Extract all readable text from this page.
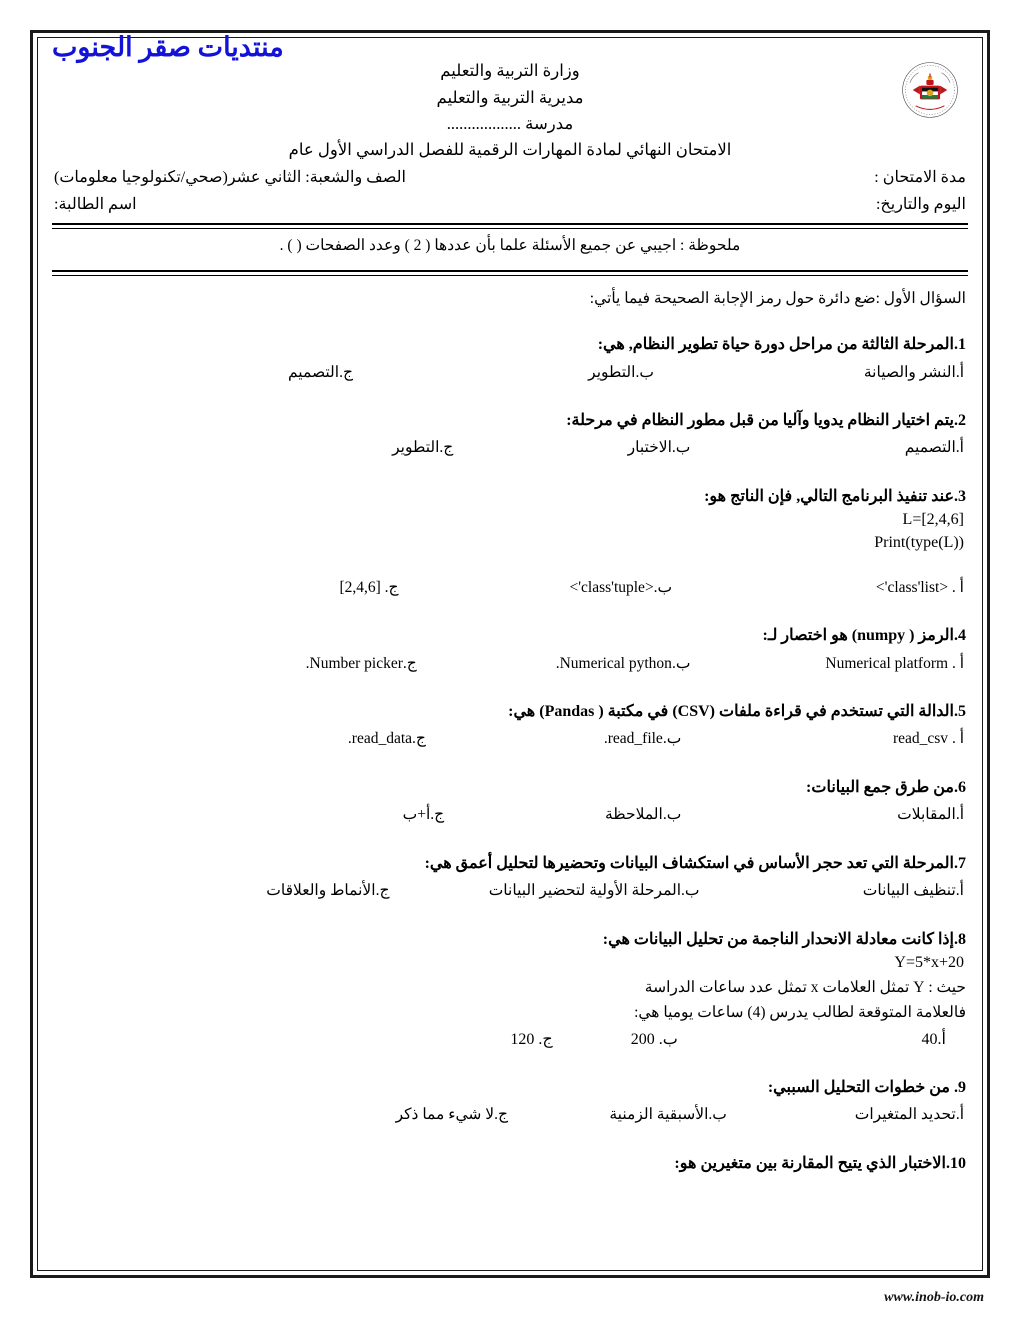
منتديات صقر الجنوب
وزارة التربية والتعليم
مديرية التربية والتعليم
مدرسة ..................
الامتحان النهائي لمادة المهارات الرقمية للفصل الدراسي الأول عام
مدة الامتحان :
الصف والشعبة: الثاني عشر(صحي/تكنولوجيا معلومات)
اليوم والتاريخ:
اسم الطالبة:
ملحوظة : اجيبي عن جميع الأسئلة علما بأن عددها ( 2 ) وعدد الصفحات ( ) .
السؤال الأول :ضع دائرة حول رمز الإجابة الصحيحة فيما يأتي:
1.المرحلة الثالثة من مراحل دورة حياة تطوير النظام, هي:
أ.النشر والصيانة
ب.التطوير
ج.التصميم
2.يتم اختيار النظام يدويا وآليا من قبل مطور النظام في مرحلة:
أ.التصميم
ب.الاختبار
ج.التطوير
3.عند تنفيذ البرنامج التالي, فإن الناتج هو:
L=[2,4,6]
Print(type(L))
أ . <class'list'>
ب.<class'tuple'>
ج. [2,4,6]
4.الرمز ( numpy) هو اختصار لـ:
أ . Numerical platform
ب.Numerical python.
ج.Number picker.
5.الدالة التي تستخدم في قراءة ملفات (CSV) في مكتبة ( Pandas) هي:
أ . read_csv
ب.read_file.
ج.read_data.
6.من طرق جمع البيانات:
أ.المقابلات
ب.الملاحظة
ج.أ+ب
7.المرحلة التي تعد حجر الأساس في استكشاف البيانات وتحضيرها لتحليل أعمق هي:
أ.تنظيف البيانات
ب.المرحلة الأولية لتحضير البيانات
ج.الأنماط والعلاقات
8.إذا كانت معادلة الانحدار الناجمة من تحليل البيانات هي:
Y=5*x+20
حيث : Y تمثل العلامات x تمثل عدد ساعات الدراسة
فالعلامة المتوقعة لطالب يدرس (4) ساعات يوميا هي:
أ.40
ب. 200
ج. 120
9. من خطوات التحليل السببي:
أ.تحديد المتغيرات
ب.الأسبقية الزمنية
ج.لا شيء مما ذكر
10.الاختبار الذي يتيح المقارنة بين متغيرين هو:
www.inob-io.com
